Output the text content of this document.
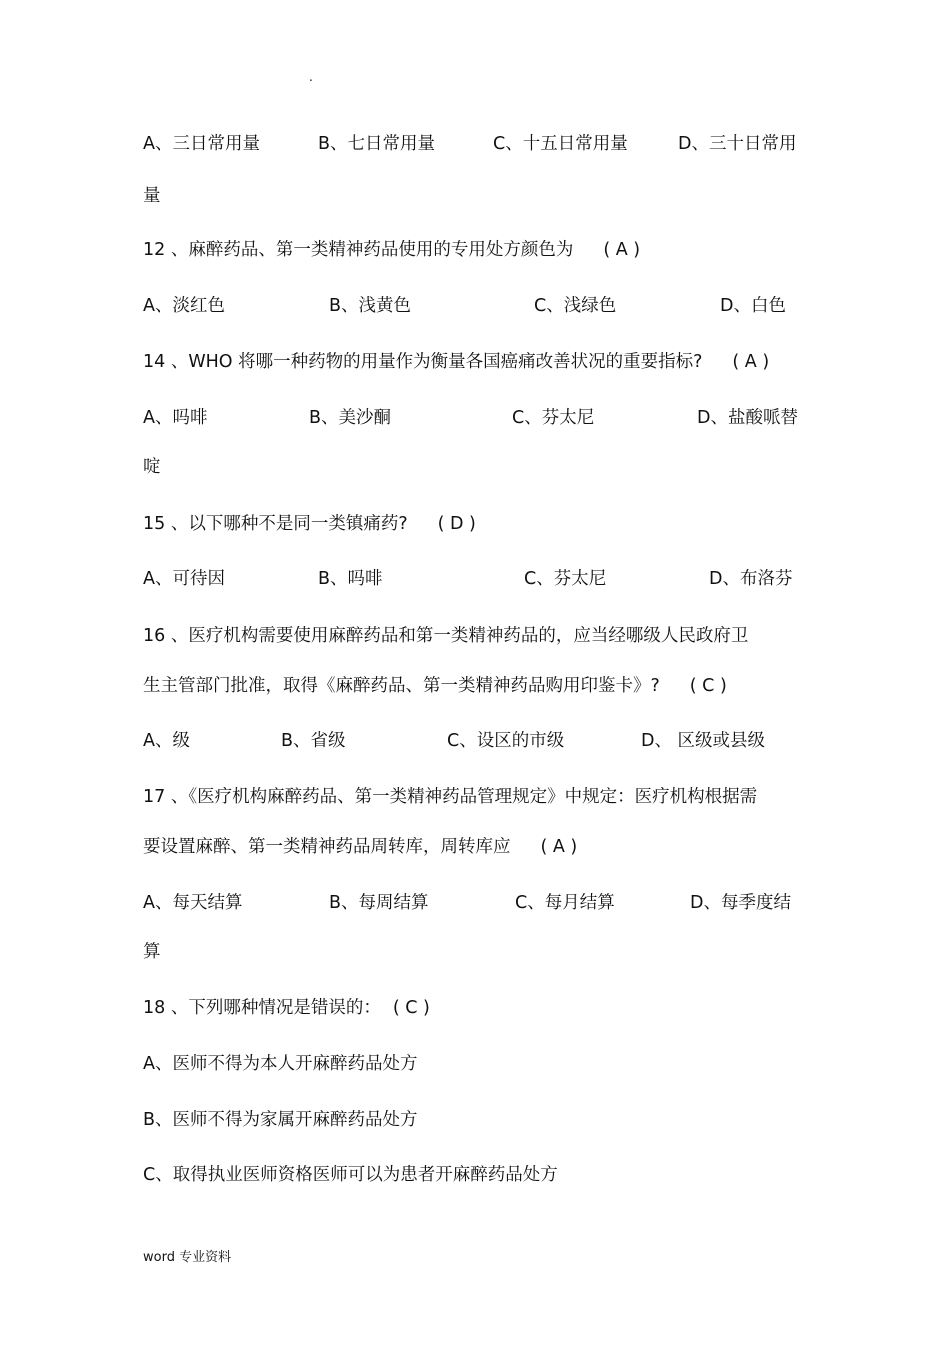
.
A、三日常用量	B、七日常用量	C、十五日常用量	D、三十日常用
量
12 、麻醉药品、第一类精神药品使用的专用处方颜色为 ( A )
A、淡红色	B、浅黄色	C、浅绿色	D、白色
14 、WHO 将哪一种药物的用量作为衡量各国癌痛改善状况的重要指标? ( A )
A、吗啡	B、美沙酮	C、芬太尼	D、盐酸哌替
啶
15 、以下哪种不是同一类镇痛药? ( D )
A、可待因	B、吗啡	C、芬太尼	D、布洛芬
16 、医疗机构需要使用麻醉药品和第一类精神药品的，应当经哪级人民政府卫
生主管部门批准，取得《麻醉药品、第一类精神药品购用印鉴卡》? ( C )
A、级	B、省级	C、设区的市级	D、 区级或县级
17 、《医疗机构麻醉药品、第一类精神药品管理规定》中规定：医疗机构根据需
要设置麻醉、第一类精神药品周转库，周转库应 ( A )
A、每天结算	B、每周结算	C、每月结算	D、每季度结
算
18 、下列哪种情况是错误的： ( C )
A、医师不得为本人开麻醉药品处方
B、医师不得为家属开麻醉药品处方
C、取得执业医师资格医师可以为患者开麻醉药品处方
word 专业资料
